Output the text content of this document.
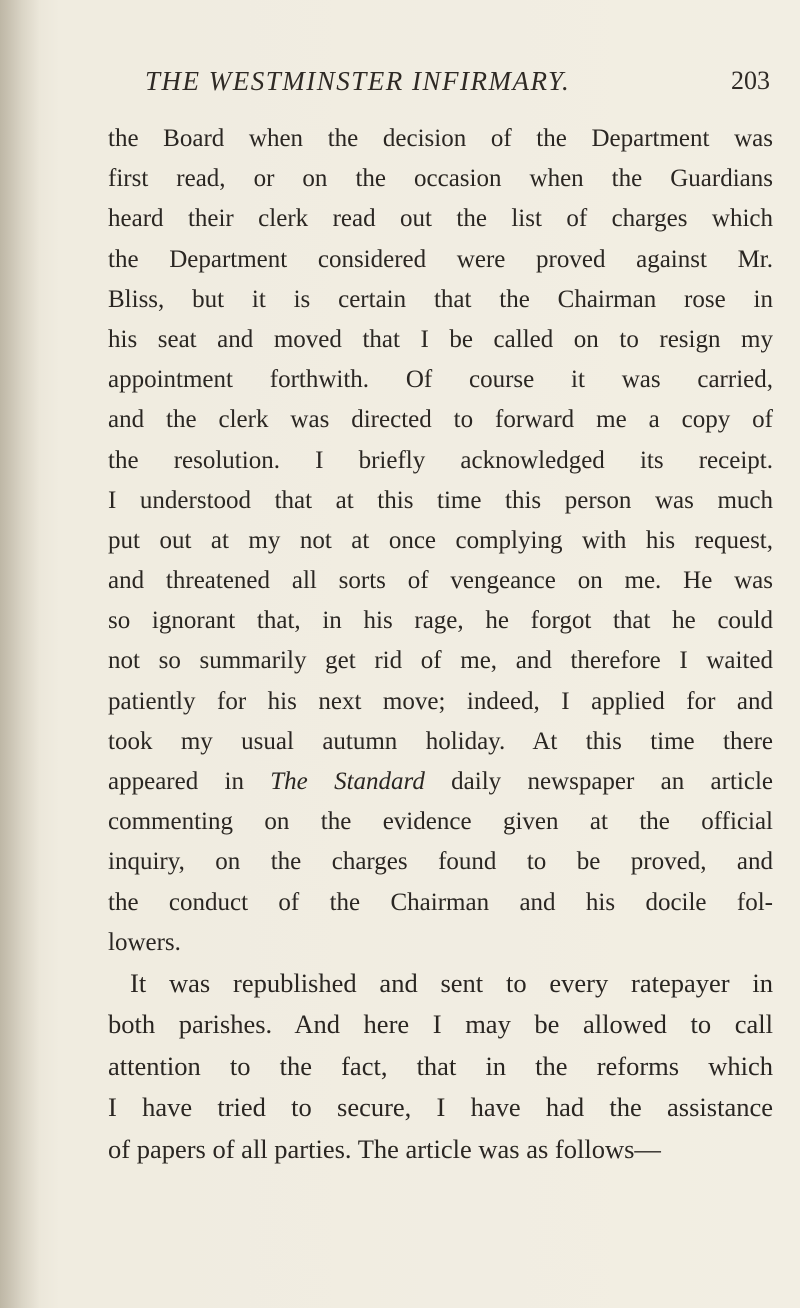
THE WESTMINSTER INFIRMARY.	203
the Board when the decision of the Department was
first read, or on the occasion when the Guardians
heard their clerk read out the list of charges which
the Department considered were proved against Mr.
Bliss, but it is certain that the Chairman rose in
his seat and moved that I be called on to resign my
appointment forthwith. Of course it was carried,
and the clerk was directed to forward me a copy of
the resolution. I briefly acknowledged its receipt.
I understood that at this time this person was much
put out at my not at once complying with his request,
and threatened all sorts of vengeance on me. He was
so ignorant that, in his rage, he forgot that he could
not so summarily get rid of me, and therefore I waited
patiently for his next move; indeed, I applied for and
took my usual autumn holiday. At this time there
appeared in The Standard daily newspaper an article
commenting on the evidence given at the official
inquiry, on the charges found to be proved, and
the conduct of the Chairman and his docile fol-
lowers.
It was republished and sent to every ratepayer in
both parishes. And here I may be allowed to call
attention to the fact, that in the reforms which
I have tried to secure, I have had the assistance
of papers of all parties. The article was as follows—
